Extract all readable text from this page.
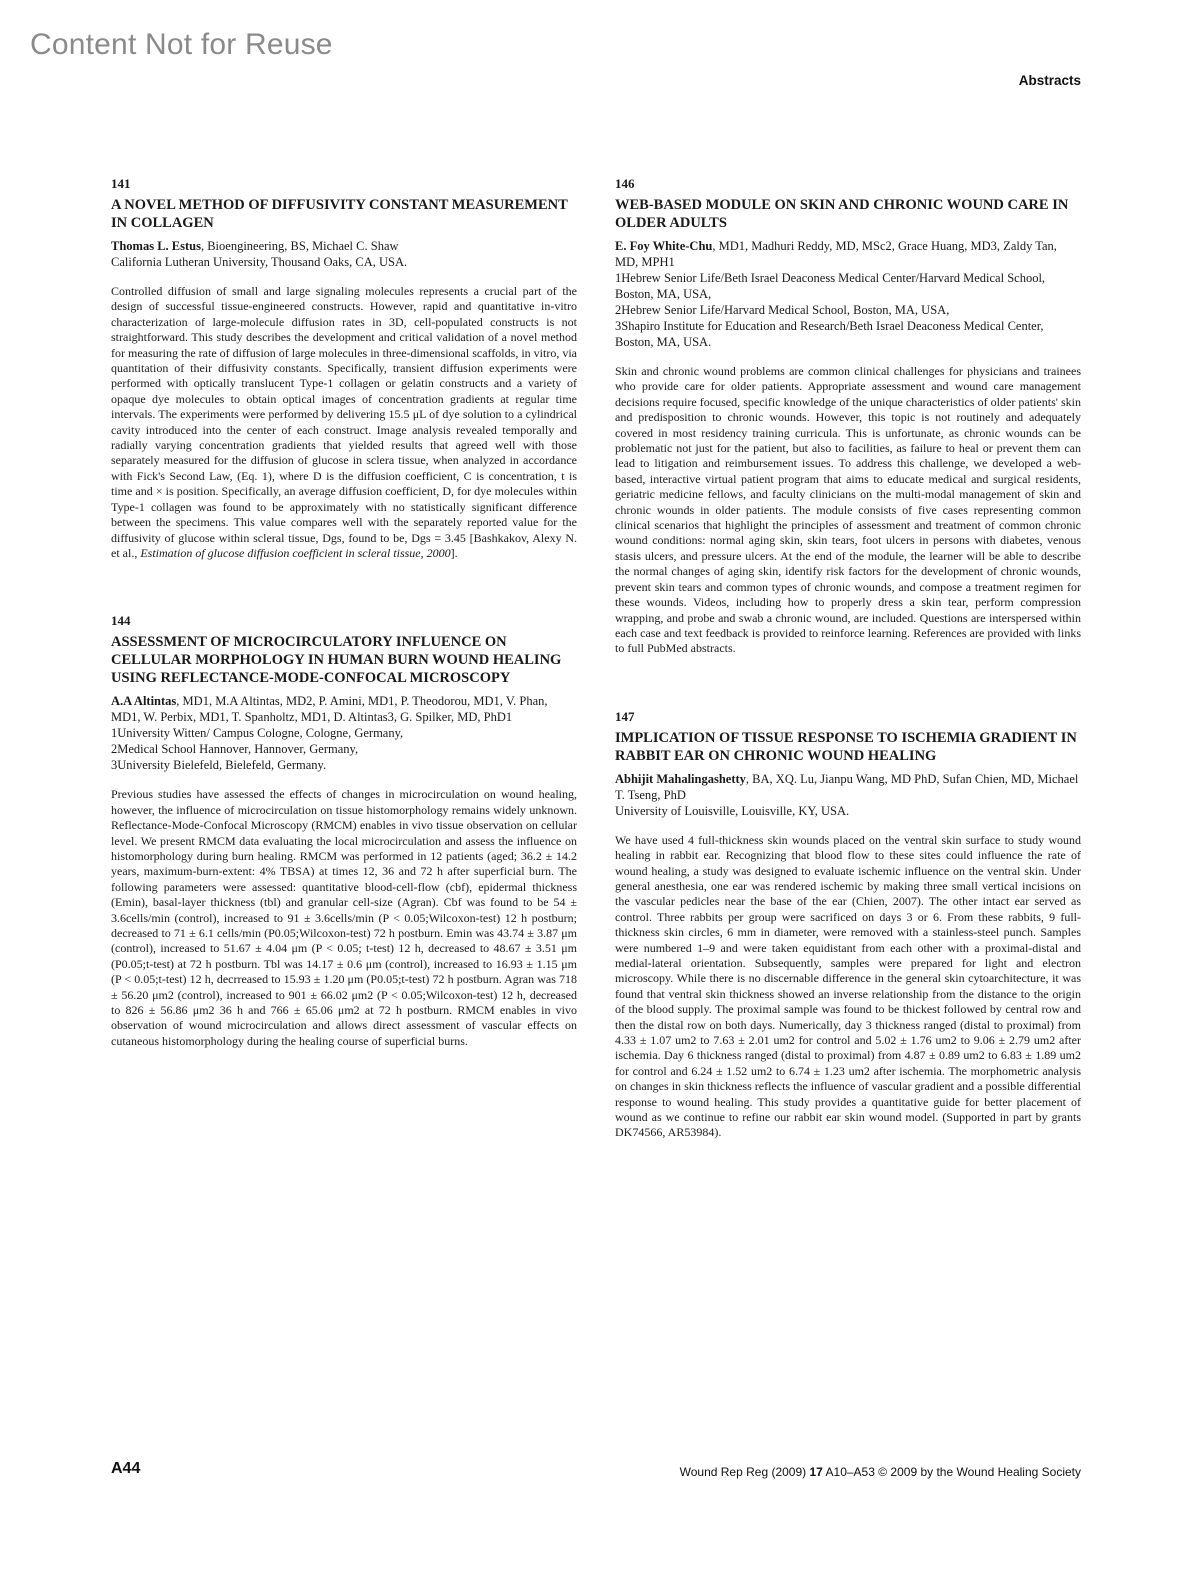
Content Not for Reuse
Abstracts
141
A NOVEL METHOD OF DIFFUSIVITY CONSTANT MEASUREMENT IN COLLAGEN
Thomas L. Estus, Bioengineering, BS, Michael C. Shaw
California Lutheran University, Thousand Oaks, CA, USA.
Controlled diffusion of small and large signaling molecules represents a crucial part of the design of successful tissue-engineered constructs. However, rapid and quantitative in-vitro characterization of large-molecule diffusion rates in 3D, cell-populated constructs is not straightforward. This study describes the development and critical validation of a novel method for measuring the rate of diffusion of large molecules in three-dimensional scaffolds, in vitro, via quantitation of their diffusivity constants. Specifically, transient diffusion experiments were performed with optically translucent Type-1 collagen or gelatin constructs and a variety of opaque dye molecules to obtain optical images of concentration gradients at regular time intervals. The experiments were performed by delivering 15.5 μL of dye solution to a cylindrical cavity introduced into the center of each construct. Image analysis revealed temporally and radially varying concentration gradients that yielded results that agreed well with those separately measured for the diffusion of glucose in sclera tissue, when analyzed in accordance with Fick's Second Law, (Eq. 1), where D is the diffusion coefficient, C is concentration, t is time and × is position. Specifically, an average diffusion coefficient, D, for dye molecules within Type-1 collagen was found to be approximately with no statistically significant difference between the specimens. This value compares well with the separately reported value for the diffusivity of glucose within scleral tissue, Dgs, found to be, Dgs = 3.45 [Bashkakov, Alexy N. et al., Estimation of glucose diffusion coefficient in scleral tissue, 2000].
144
ASSESSMENT OF MICROCIRCULATORY INFLUENCE ON CELLULAR MORPHOLOGY IN HUMAN BURN WOUND HEALING USING REFLECTANCE-MODE-CONFOCAL MICROSCOPY
A.A Altintas, MD1, M.A Altintas, MD2, P. Amini, MD1, P. Theodorou, MD1, V. Phan, MD1, W. Perbix, MD1, T. Spanholtz, MD1, D. Altintas3, G. Spilker, MD, PhD1
1University Witten/ Campus Cologne, Cologne, Germany,
2Medical School Hannover, Hannover, Germany,
3University Bielefeld, Bielefeld, Germany.
Previous studies have assessed the effects of changes in microcirculation on wound healing, however, the influence of microcirculation on tissue histomorphology remains widely unknown. Reflectance-Mode-Confocal Microscopy (RMCM) enables in vivo tissue observation on cellular level. We present RMCM data evaluating the local microcirculation and assess the influence on histomorphology during burn healing. RMCM was performed in 12 patients (aged; 36.2 ± 14.2 years, maximum-burn-extent: 4% TBSA) at times 12, 36 and 72 h after superficial burn. The following parameters were assessed: quantitative blood-cell-flow (cbf), epidermal thickness (Emin), basal-layer thickness (tbl) and granular cell-size (Agran). Cbf was found to be 54 ± 3.6cells/min (control), increased to 91 ± 3.6cells/min (P < 0.05;Wilcoxon-test) 12 h postburn; decreased to 71 ± 6.1 cells/min (P0.05;Wilcoxon-test) 72 h postburn. Emin was 43.74 ± 3.87 μm (control), increased to 51.67 ± 4.04 μm (P < 0.05; t-test) 12 h, decreased to 48.67 ± 3.51 μm (P0.05;t-test) at 72 h postburn. Tbl was 14.17 ± 0.6 μm (control), increased to 16.93 ± 1.15 μm (P < 0.05;t-test) 12 h, decrreased to 15.93 ± 1.20 μm (P0.05;t-test) 72 h postburn. Agran was 718 ± 56.20 μm2 (control), increased to 901 ± 66.02 μm2 (P < 0.05;Wilcoxon-test) 12 h, decreased to 826 ± 56.86 μm2 36 h and 766 ± 65.06 μm2 at 72 h postburn. RMCM enables in vivo observation of wound microcirculation and allows direct assessment of vascular effects on cutaneous histomorphology during the healing course of superficial burns.
146
WEB-BASED MODULE ON SKIN AND CHRONIC WOUND CARE IN OLDER ADULTS
E. Foy White-Chu, MD1, Madhuri Reddy, MD, MSc2, Grace Huang, MD3, Zaldy Tan, MD, MPH1
1Hebrew Senior Life/Beth Israel Deaconess Medical Center/Harvard Medical School, Boston, MA, USA,
2Hebrew Senior Life/Harvard Medical School, Boston, MA, USA,
3Shapiro Institute for Education and Research/Beth Israel Deaconess Medical Center, Boston, MA, USA.
Skin and chronic wound problems are common clinical challenges for physicians and trainees who provide care for older patients. Appropriate assessment and wound care management decisions require focused, specific knowledge of the unique characteristics of older patients' skin and predisposition to chronic wounds. However, this topic is not routinely and adequately covered in most residency training curricula. This is unfortunate, as chronic wounds can be problematic not just for the patient, but also to facilities, as failure to heal or prevent them can lead to litigation and reimbursement issues. To address this challenge, we developed a web-based, interactive virtual patient program that aims to educate medical and surgical residents, geriatric medicine fellows, and faculty clinicians on the multi-modal management of skin and chronic wounds in older patients. The module consists of five cases representing common clinical scenarios that highlight the principles of assessment and treatment of common chronic wound conditions: normal aging skin, skin tears, foot ulcers in persons with diabetes, venous stasis ulcers, and pressure ulcers. At the end of the module, the learner will be able to describe the normal changes of aging skin, identify risk factors for the development of chronic wounds, prevent skin tears and common types of chronic wounds, and compose a treatment regimen for these wounds. Videos, including how to properly dress a skin tear, perform compression wrapping, and probe and swab a chronic wound, are included. Questions are interspersed within each case and text feedback is provided to reinforce learning. References are provided with links to full PubMed abstracts.
147
IMPLICATION OF TISSUE RESPONSE TO ISCHEMIA GRADIENT IN RABBIT EAR ON CHRONIC WOUND HEALING
Abhijit Mahalingashetty, BA, XQ. Lu, Jianpu Wang, MD PhD, Sufan Chien, MD, Michael T. Tseng, PhD
University of Louisville, Louisville, KY, USA.
We have used 4 full-thickness skin wounds placed on the ventral skin surface to study wound healing in rabbit ear. Recognizing that blood flow to these sites could influence the rate of wound healing, a study was designed to evaluate ischemic influence on the ventral skin. Under general anesthesia, one ear was rendered ischemic by making three small vertical incisions on the vascular pedicles near the base of the ear (Chien, 2007). The other intact ear served as control. Three rabbits per group were sacrificed on days 3 or 6. From these rabbits, 9 full-thickness skin circles, 6 mm in diameter, were removed with a stainless-steel punch. Samples were numbered 1–9 and were taken equidistant from each other with a proximal-distal and medial-lateral orientation. Subsequently, samples were prepared for light and electron microscopy. While there is no discernable difference in the general skin cytoarchitecture, it was found that ventral skin thickness showed an inverse relationship from the distance to the origin of the blood supply. The proximal sample was found to be thickest followed by central row and then the distal row on both days. Numerically, day 3 thickness ranged (distal to proximal) from 4.33 ± 1.07 um2 to 7.63 ± 2.01 um2 for control and 5.02 ± 1.76 um2 to 9.06 ± 2.79 um2 after ischemia. Day 6 thickness ranged (distal to proximal) from 4.87 ± 0.89 um2 to 6.83 ± 1.89 um2 for control and 6.24 ± 1.52 um2 to 6.74 ± 1.23 um2 after ischemia. The morphometric analysis on changes in skin thickness reflects the influence of vascular gradient and a possible differential response to wound healing. This study provides a quantitative guide for better placement of wound as we continue to refine our rabbit ear skin wound model. (Supported in part by grants DK74566, AR53984).
A44	Wound Rep Reg (2009) 17 A10–A53 © 2009 by the Wound Healing Society
